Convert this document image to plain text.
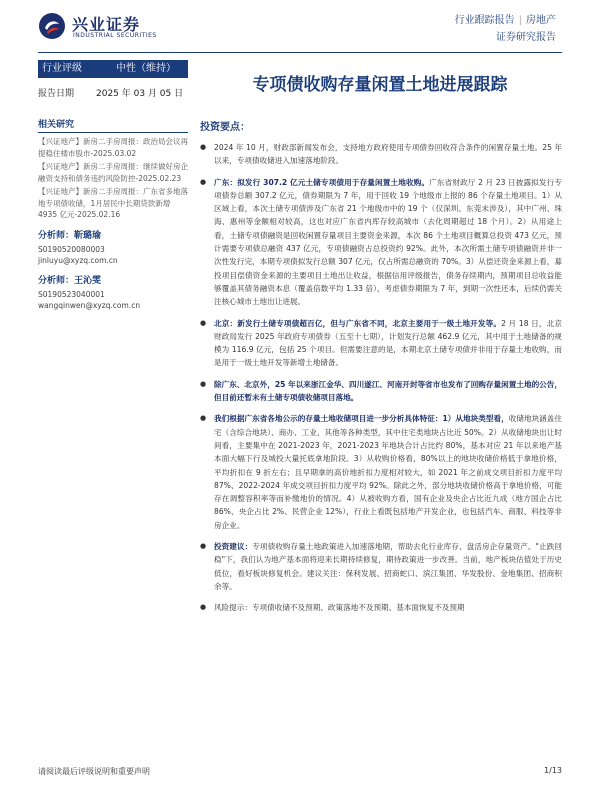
兴业证券
INDUSTRIAL SECURITIES
行业跟踪报告 | 房地产
证券研究报告
行业评级	中性（维持）
报告日期	2025 年 03 月 05 日
相关研究
【兴证地产】新房二手房周报：政治局会议再提稳住楼市股市-2025.03.02
【兴证地产】新房二手房周报：继续做好房企融资支持和债务违约风险防控-2025.02.23
【兴证地产】新房二手房周报：广东省多地落地专项债收储，1月居民中长期贷款新增 4935 亿元-2025.02.16
分析师：靳璐瑜
S0190520080003
jinluyu@xyzq.com.cn
分析师：王沁雯
S0190523040001
wangqinwen@xyzq.com.cn
专项债收购存量闲置土地进展跟踪
投资要点：
● 2024 年 10 月，财政部新闻发布会，支持地方政府使用专项债券回收符合条件的闲置存量土地。25 年以来，专项债收储进入加速落地阶段。
● 广东：拟发行 307.2 亿元土储专项债用于存量闲置土地收购。广东省财政厅 2 月 23 日披露拟发行专项债券总额 307.2 亿元，债券期限为 7 年，用于回收 19 个地级市上报的 86 个存量土地项目。1）从区域上看，本次土储专项债涉及广东省 21 个地级市中的 19 个（仅深圳、东莞未涉及），其中广州、珠海、惠州等金额相对较高，这也对应广东省内库存较高城市（去化周期超过 18 个月）。2）从用途上看，土储专项债融资是回收闲置存量项目主要资金来源，本次 86 个土地项目概算总投资 473 亿元，预计需要专项债总融资 437 亿元，专项债融资占总投资约 92%。此外，本次所需土储专项债融资并非一次性发行完，本期专项债拟发行总额 307 亿元，仅占所需总融资的 70%。3）从偿还资金来源上看，募投项目偿债资金来源的主要项目土地出让收益，根据信用评级报告，债务存续期内，预期项目总收益能够覆盖其债务融资本息（覆盖倍数平均 1.33 倍），考虑债券期限为 7 年，到期一次性还本，后续仍需关注核心城市土地出让进展。
● 北京：新发行土储专项债超百亿，但与广东省不同，北京主要用于一级土地开发等。2 月 18 日，北京财政局发行 2025 年政府专项债券（五至十七期），计划发行总额 462.9 亿元，其中用于土地储备的规模为 116.9 亿元，包括 25 个项目。但需要注意的是，本期北京土储专项债并非用于存量土地收购，而是用于一级土地开发等新增土地储备。
● 除广东、北京外，25 年以来浙江金华、四川遂江、河南开封等省市也发布了回购存量闲置土地的公告，但目前还暂未有土储专项债收储项目落地。
● 我们根据广东省各地公示的存量土地收储项目进一步分析具体特征：1）从地块类型看，收储地块涵盖住宅（含综合地块）、商办、工业、其他等各种类型，其中住宅类地块占比近 50%。2）从收储地块出让时间看，主要集中在 2021-2023 年，2021-2023 年地块合计占比约 80%，基本对应 21 年以来地产基本面大幅下行及城投大量托底拿地阶段。3）从收购价格看，80%以上的地块收储价格低于拿地价格，平均折扣在 9 折左右；且早期拿的高价地折扣力度相对较大，如 2021 年之前成交项目折扣力度平均 87%、2022-2024 年成交项目折扣力度平均 92%。除此之外，部分地块收储价格高于拿地价格，可能存在调整容积率等而补缴地价的情况。4）从被收购方看，国有企业及央企占比近九成（地方国企占比 86%、央企占比 2%、民营企业 12%），行业上看既包括地产开发企业，也包括汽车、商服、科技等非房企业。
● 投资建议：专项债收购存量土地政策进入加速落地期，帮助去化行业库存、盘活房企存量资产。"止跌回稳"下，我们认为地产基本面将迎来长期持续修复，期待政策进一步改善。当前，地产板块估值处于历史低位，看好板块修复机会。建议关注：保利发展、招商蛇口、滨江集团、华发股份、金地集团、招商积余等。
● 风险提示：专项债收储不及预期、政策落地不及预期、基本面恢复不及预期
请阅读最后评级说明和重要声明	1/13
